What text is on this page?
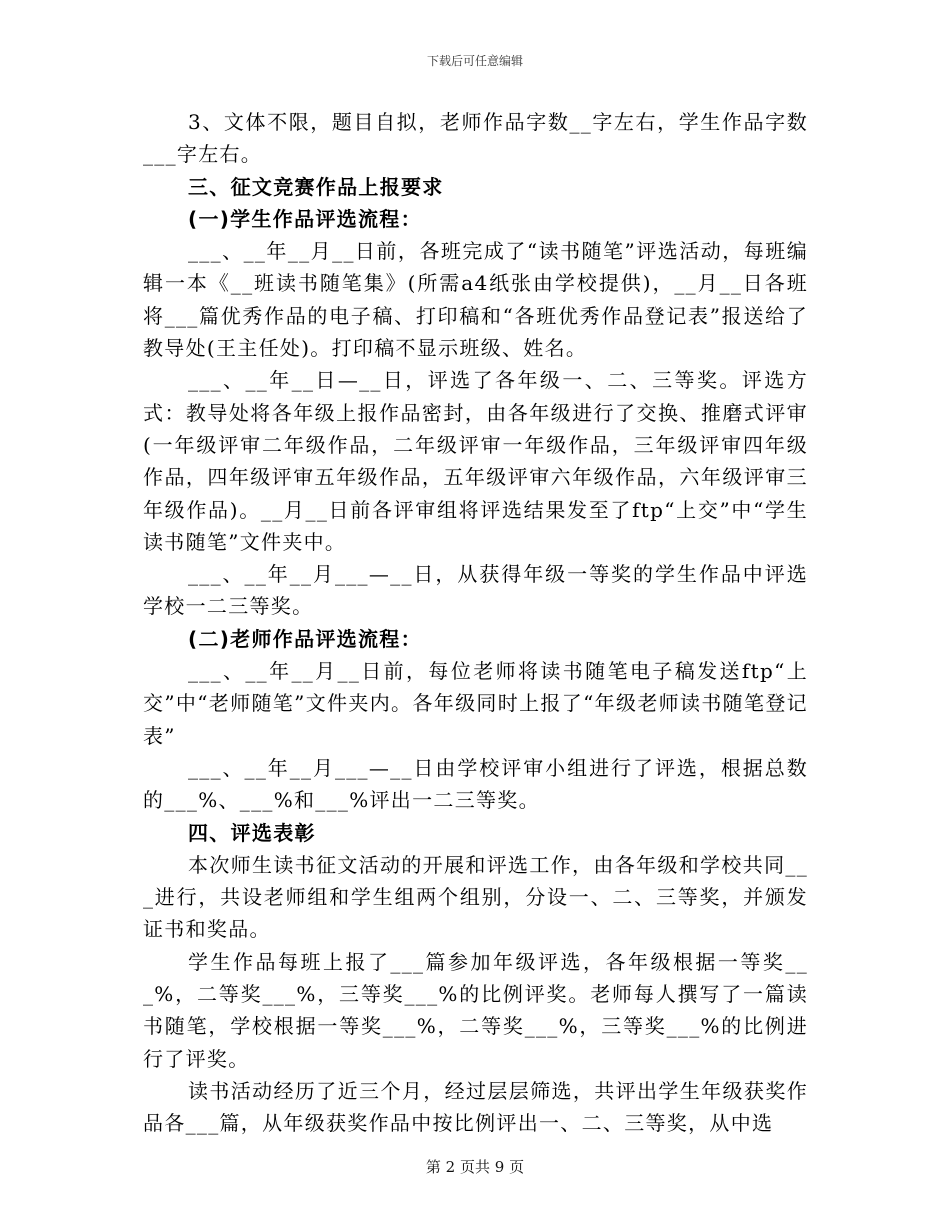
下载后可任意编辑

3、文体不限，题目自拟，老师作品字数__字左右，学生作品字数___字左右。

三、征文竞赛作品上报要求

(一)学生作品评选流程：

___、__年__月__日前，各班完成了“读书随笔”评选活动，每班编辑一本《__班读书随笔集》(所需a4纸张由学校提供)，__月__日各班将___篇优秀作品的电子稿、打印稿和“各班优秀作品登记表”报送给了教导处(王主任处)。打印稿不显示班级、姓名。

___、__年__日—__日，评选了各年级一、二、三等奖。评选方式：教导处将各年级上报作品密封，由各年级进行了交换、推磨式评审(一年级评审二年级作品，二年级评审一年级作品，三年级评审四年级作品，四年级评审五年级作品，五年级评审六年级作品，六年级评审三年级作品)。__月__日前各评审组将评选结果发至了ftp“上交”中“学生读书随笔”文件夹中。

___、__年__月___—__日，从获得年级一等奖的学生作品中评选学校一二三等奖。

(二)老师作品评选流程：

___、__年__月__日前，每位老师将读书随笔电子稿发送ftp“上交”中“老师随笔”文件夹内。各年级同时上报了“年级老师读书随笔登记表”

___、__年__月___—__日由学校评审小组进行了评选，根据总数的___%、___%和___%评出一二三等奖。

四、评选表彰

本次师生读书征文活动的开展和评选工作，由各年级和学校共同___进行，共设老师组和学生组两个组别，分设一、二、三等奖，并颁发证书和奖品。

学生作品每班上报了___篇参加年级评选，各年级根据一等奖___%，二等奖___%，三等奖___%的比例评奖。老师每人撰写了一篇读书随笔，学校根据一等奖___%，二等奖___%，三等奖___%的比例进行了评奖。

读书活动经历了近三个月，经过层层筛选，共评出学生年级获奖作品各___篇，从年级获奖作品中按比例评出一、二、三等奖，从中选

第 2 页共 9 页
